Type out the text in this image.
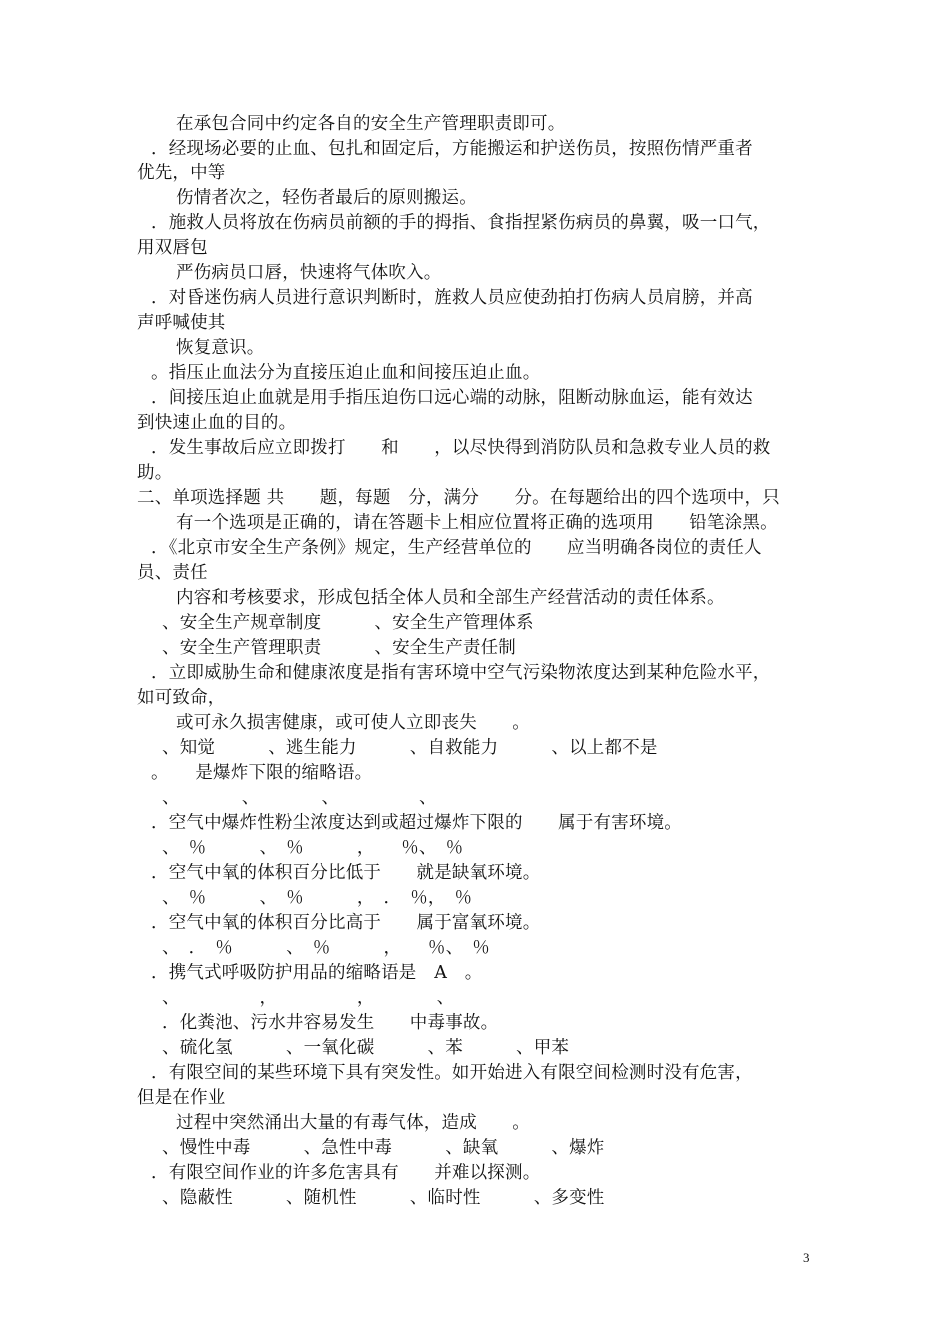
在承包合同中约定各自的安全生产管理职责即可。
．经现场必要的止血、包扎和固定后，方能搬运和护送伤员，按照伤情严重者
优先，中等
伤情者次之，轻伤者最后的原则搬运。
．施救人员将放在伤病员前额的手的拇指、食指捏紧伤病员的鼻翼，吸一口气，
用双唇包
严伤病员口唇，快速将气体吹入。
．对昏迷伤病人员进行意识判断时，旌救人员应使劲拍打伤病人员肩膀，并高
声呼喊使其
恢复意识。
。指压止血法分为直接压迫止血和间接压迫止血。
．间接压迫止血就是用手指压迫伤口远心端的动脉，阻断动脉血运，能有效达
到快速止血的目的。
．发生事故后应立即拨打　　和　　，以尽快得到消防队员和急救专业人员的救
助。
二、单项选择题 共　　题，每题　分，满分　　分。在每题给出的四个选项中，只
有一个选项是正确的，请在答题卡上相应位置将正确的选项用　　铅笔涂黑。
．《北京市安全生产条例》规定，生产经营单位的　　应当明确各岗位的责任人
员、责任
内容和考核要求，形成包括全体人员和全部生产经营活动的责任体系。
、安全生产规章制度　　　、安全生产管理体系
、安全生产管理职责　　　、安全生产责任制
．立即威胁生命和健康浓度是指有害环境中空气污染物浓度达到某种危险水平，
如可致命，
或可永久损害健康，或可使人立即丧失　　。
、知觉　　　、逃生能力　　　、自救能力　　　、以上都不是
。　　是爆炸下限的缩略语。
、　　　　、　　　　、　　　　　、
．空气中爆炸性粉尘浓度达到或超过爆炸下限的　　属于有害环境。
、　％　　　、　％　　　，　　％、　％
．空气中氧的体积百分比低于　　就是缺氧环境。
、　％　　　、　％　　　，　．　％，　％
．空气中氧的体积百分比高于　　属于富氧环境。
、　．　％　　　、　％　　　，　　％、　％
．携气式呼吸防护用品的缩略语是　A　。
、　　　　　，　　　　　，　　　　、
．化粪池、污水井容易发生　　中毒事故。
、硫化氢　　　、一氧化碳　　　、苯　　　、甲苯
．有限空间的某些环境下具有突发性。如开始进入有限空间检测时没有危害，
但是在作业
过程中突然涌出大量的有毒气体，造成　　。
、慢性中毒　　　、急性中毒　　　、缺氧　　　、爆炸
．有限空间作业的许多危害具有　　并难以探测。
、隐蔽性　　　、随机性　　　、临时性　　　、多变性
3
